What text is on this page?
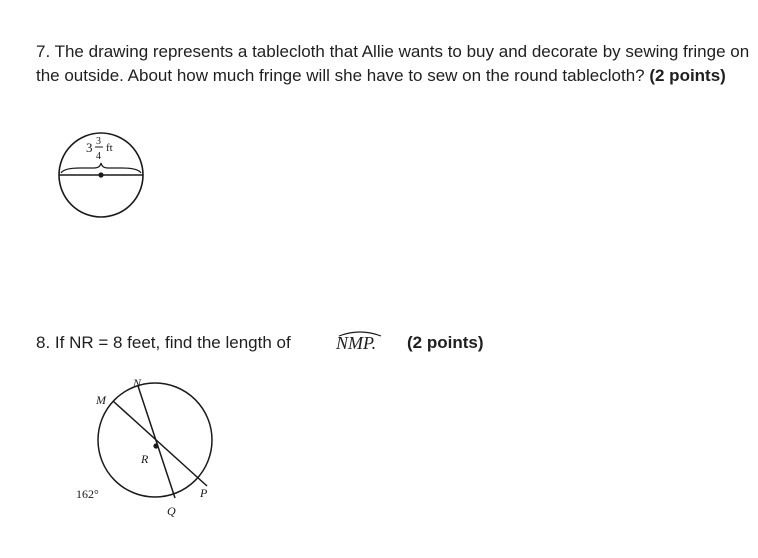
7. The drawing represents a tablecloth that Allie wants to buy and decorate by sewing fringe on
the outside. About how much fringe will she have to sew on the round tablecloth? (2 points)
3 3
4
ft
8. If NR = 8 feet, find the length of	NMP. (2 points)
N
M
R
P
Q
162°
